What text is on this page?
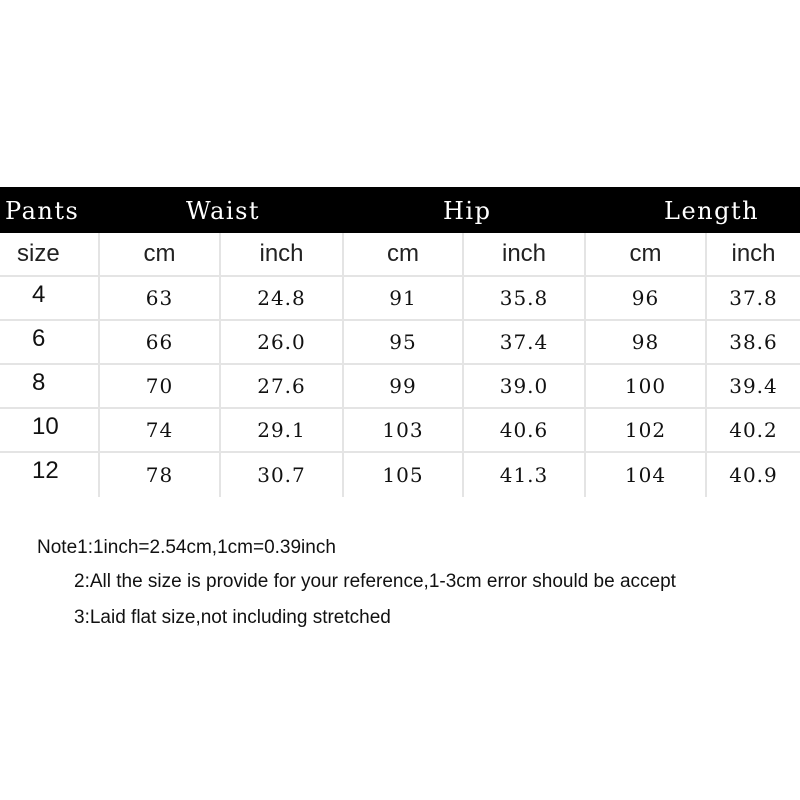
Pants	Waist	Hip	Length
size	cm	inch	cm	inch	cm	inch
4	63	24.8	91	35.8	96	37.8
6	66	26.0	95	37.4	98	38.6
8	70	27.6	99	39.0	100	39.4
10	74	29.1	103	40.6	102	40.2
12	78	30.7	105	41.3	104	40.9
Note1:1inch=2.54cm,1cm=0.39inch
2:All the size is provide for your reference,1-3cm error should be accept
3:Laid flat size,not including stretched
